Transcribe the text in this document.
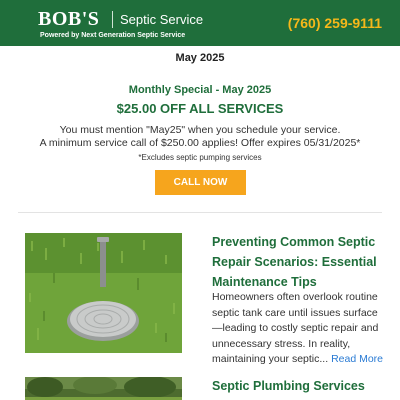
BOB'S Septic Service
Powered by Next Generation Septic Service
(760) 259-9111
May 2025
Monthly Special - May 2025
$25.00 OFF ALL SERVICES
You must mention "May25" when you schedule your service.
A minimum service call of $250.00 applies! Offer expires 05/31/2025*
*Excludes septic pumping services
CALL NOW
Preventing Common Septic Repair Scenarios: Essential Maintenance Tips
Homeowners often overlook routine septic tank care until issues surface—leading to costly septic repair and unnecessary stress. In reality, maintaining your septic... Read More
Septic Plumbing Services
